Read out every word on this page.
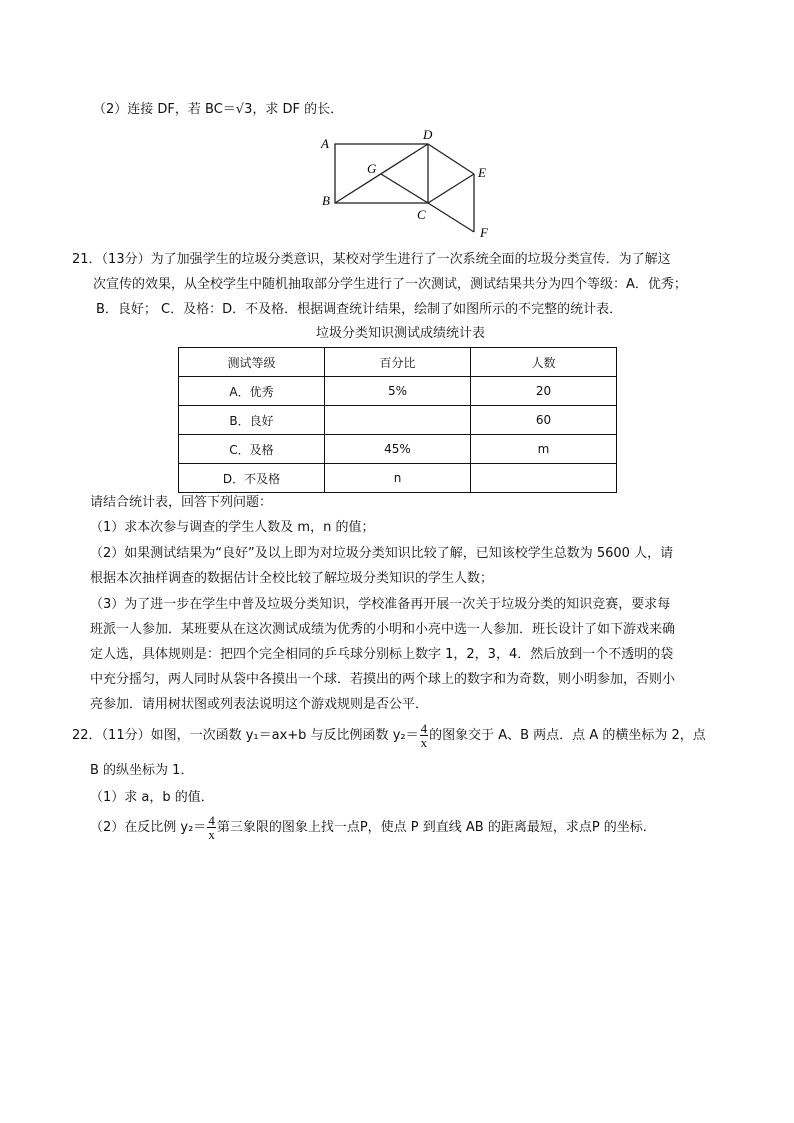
（2）连接 DF，若 BC＝√3，求 DF 的长．
A
D
G	E
B
C
F
21．（13分）为了加强学生的垃圾分类意识，某校对学生进行了一次系统全面的垃圾分类宣传．为了解这
次宣传的效果，从全校学生中随机抽取部分学生进行了一次测试，测试结果共分为四个等级：A．优秀；
B．良好； C．及格：D．不及格．根据调查统计结果，绘制了如图所示的不完整的统计表．
垃圾分类知识测试成绩统计表
测试等级	百分比	人数
A．优秀	5%	20
B．良好		60
C．及格	45%	m
D．不及格	n	
请结合统计表，回答下列问题：
（1）求本次参与调查的学生人数及 m，n 的值；
（2）如果测试结果为“良好”及以上即为对垃圾分类知识比较了解，已知该校学生总数为 5600 人，请
根据本次抽样调查的数据估计全校比较了解垃圾分类知识的学生人数；
（3）为了进一步在学生中普及垃圾分类知识，学校准备再开展一次关于垃圾分类的知识竞赛，要求每
班派一人参加．某班要从在这次测试成绩为优秀的小明和小亮中选一人参加．班长设计了如下游戏来确
定人选，具体规则是：把四个完全相同的乒乓球分别标上数字 1，2，3，4．然后放到一个不透明的袋
中充分摇匀，两人同时从袋中各摸出一个球．若摸出的两个球上的数字和为奇数，则小明参加，否则小
亮参加．请用树状图或列表法说明这个游戏规则是否公平．
22．（11分）如图，一次函数 y₁＝ax+b 与反比例函数 $y_2= \frac{4}{x}$ 的图象交于 A、B 两点．点 A 的横坐标为 2，点
B 的纵坐标为 1．
（1）求 a，b 的值．
（2）在反比例 $y_2= \frac{4}{x}$ 第三象限的图象上找一点P，使点 P 到直线 AB 的距离最短，求点P 的坐标．
